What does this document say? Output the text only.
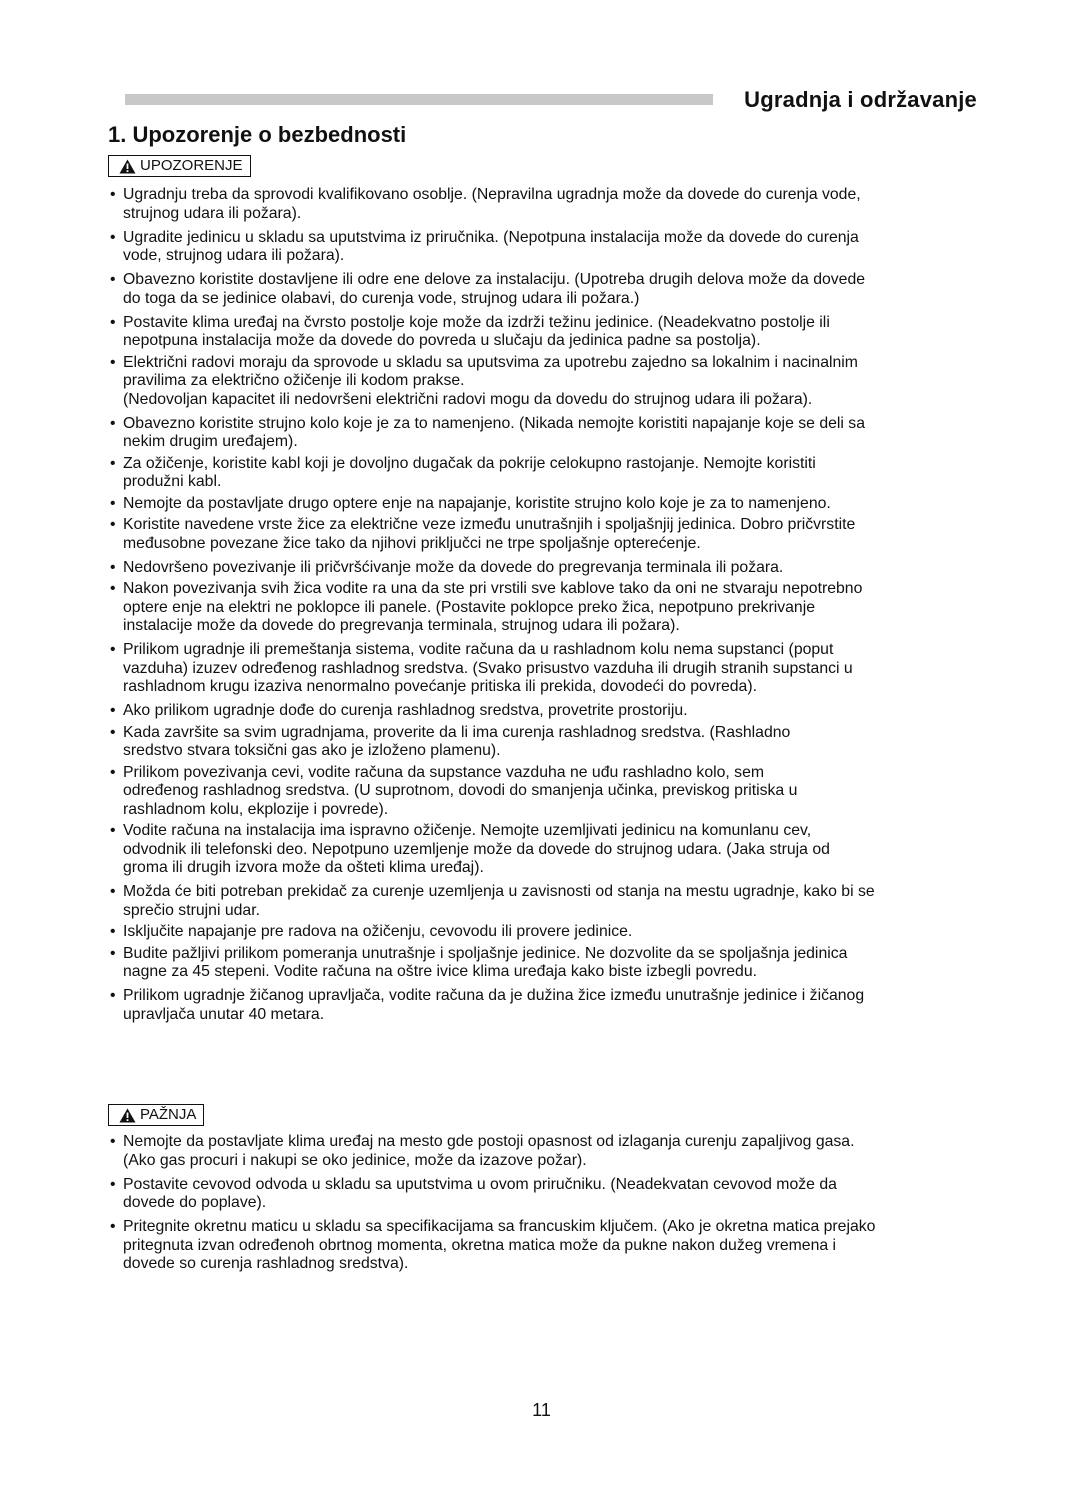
Ugradnja i održavanje
1. Upozorenje o bezbednosti
UPOZORENJE
• Ugradnju treba da sprovodi kvalifikovano osoblje. (Nepravilna ugradnja može da dovede do curenja vode,
strujnog udara ili požara).
• Ugradite jedinicu u skladu sa uputstvima iz priručnika. (Nepotpuna instalacija može da dovede do curenja
vode, strujnog udara ili požara).
• Obavezno koristite dostavljene ili odre ene delove za instalaciju. (Upotreba drugih delova može da dovede
do toga da se jedinice olabavi, do curenja vode, strujnog udara ili požara.)
• Postavite klima uređaj na čvrsto postolje koje može da izdrži težinu jedinice. (Neadekvatno postolje ili
nepotpuna instalacija može da dovede do povreda u slučaju da jedinica padne sa postolja).
• Električni radovi moraju da sprovode u skladu sa uputsvima za upotrebu zajedno sa lokalnim i nacinalnim
pravilima za električno ožičenje ili kodom prakse.
(Nedovoljan kapacitet ili nedovršeni električni radovi mogu da dovedu do strujnog udara ili požara).
• Obavezno koristite strujno kolo koje je za to namenjeno. (Nikada nemojte koristiti napajanje koje se deli sa
nekim drugim uređajem).
• Za ožičenje, koristite kabl koji je dovoljno dugačak da pokrije celokupno rastojanje. Nemojte koristiti
produžni kabl.
• Nemojte da postavljate drugo optere enje na napajanje, koristite strujno kolo koje je za to namenjeno.
• Koristite navedene vrste žice za električne veze između unutrašnjih i spoljašnjij jedinica. Dobro pričvrstite
međusobne povezane žice tako da njihovi priključci ne trpe spoljašnje opterećenje.
• Nedovršeno povezivanje ili pričvršćivanje može da dovede do pregrevanja terminala ili požara.
• Nakon povezivanja svih žica vodite ra una da ste pri vrstili sve kablove tako da oni ne stvaraju nepotrebno
optere enje na elektri ne poklopce ili panele. (Postavite poklopce preko žica, nepotpuno prekrivanje
instalacije može da dovede do pregrevanja terminala, strujnog udara ili požara).
• Prilikom ugradnje ili premeštanja sistema, vodite računa da u rashladnom kolu nema supstanci (poput
vazduha) izuzev određenog rashladnog sredstva. (Svako prisustvo vazduha ili drugih stranih supstanci u
rashladnom krugu izaziva nenormalno povećanje pritiska ili prekida, dovodeći do povreda).
• Ako prilikom ugradnje dođe do curenja rashladnog sredstva, provetrite prostoriju.
• Kada završite sa svim ugradnjama, proverite da li ima curenja rashladnog sredstva. (Rashladno
sredstvo stvara toksični gas ako je izloženo plamenu).
• Prilikom povezivanja cevi, vodite računa da supstance vazduha ne uđu rashladno kolo, sem
određenog rashladnog sredstva. (U suprotnom, dovodi do smanjenja učinka, previskog pritiska u
rashladnom kolu, ekplozije i povrede).
• Vodite računa na instalacija ima ispravno ožičenje. Nemojte uzemljivati jedinicu na komunlanu cev,
odvodnik ili telefonski deo. Nepotpuno uzemljenje može da dovede do strujnog udara. (Jaka struja od
groma ili drugih izvora može da ošteti klima uređaj).
• Možda će biti potreban prekidač za curenje uzemljenja u zavisnosti od stanja na mestu ugradnje, kako bi se
sprečio strujni udar.
• Isključite napajanje pre radova na ožičenju, cevovodu ili provere jedinice.
• Budite pažljivi prilikom pomeranja unutrašnje i spoljašnje jedinice. Ne dozvolite da se spoljašnja jedinica
nagne za 45 stepeni. Vodite računa na oštre ivice klima uređaja kako biste izbegli povredu.
• Prilikom ugradnje žičanog upravljača, vodite računa da je dužina žice između unutrašnje jedinice i žičanog
upravljača unutar 40 metara.
PAŽNJA
• Nemojte da postavljate klima uređaj na mesto gde postoji opasnost od izlaganja curenju zapaljivog gasa.
(Ako gas procuri i nakupi se oko jedinice, može da izazove požar).
• Postavite cevovod odvoda u skladu sa uputstvima u ovom priručniku. (Neadekvatan cevovod može da
dovede do poplave).
• Pritegnite okretnu maticu u skladu sa specifikacijama sa francuskim ključem. (Ako je okretna matica prejako
pritegnuta izvan određenoh obrtnog momenta, okretna matica može da pukne nakon dužeg vremena i
dovede so curenja rashladnog sredstva).
11
